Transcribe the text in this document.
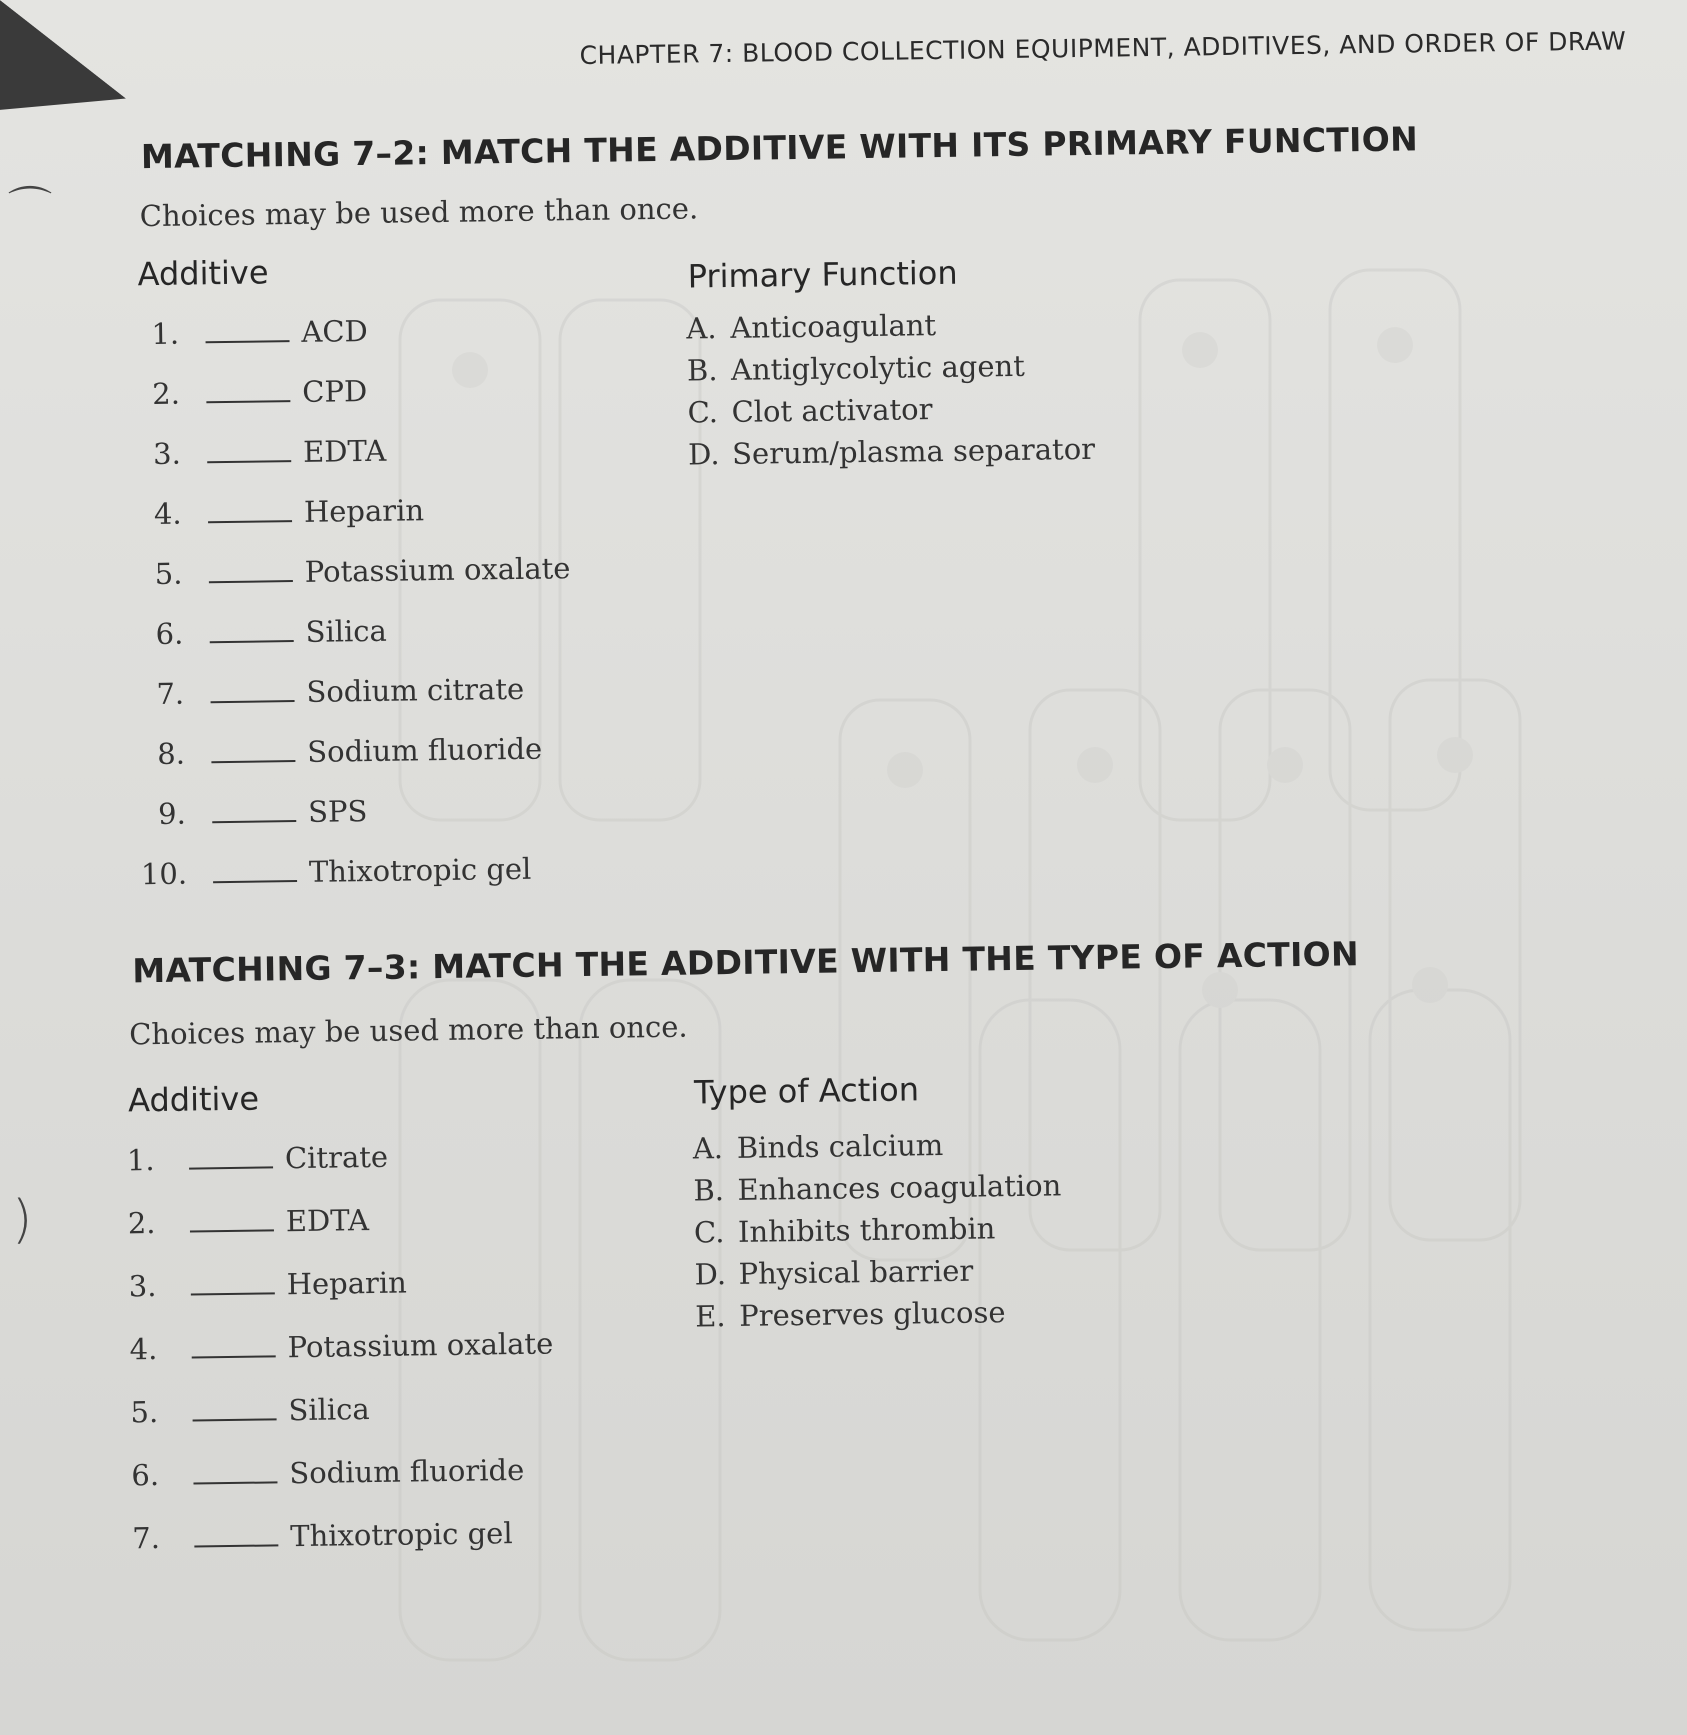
⌒
)
CHAPTER 7: BLOOD COLLECTION EQUIPMENT, ADDITIVES, AND ORDER OF DRAW
MATCHING 7–2: MATCH THE ADDITIVE WITH ITS PRIMARY FUNCTION
Choices may be used more than once.
Additive	Primary Function
1.	ACD
2.	CPD
3.	EDTA
4.	Heparin
5.	Potassium oxalate
6.	Silica
7.	Sodium citrate
8.	Sodium fluoride
9.	SPS
10.	Thixotropic gel
A. Anticoagulant
B. Antiglycolytic agent
C. Clot activator
D. Serum/plasma separator
MATCHING 7–3: MATCH THE ADDITIVE WITH THE TYPE OF ACTION
Choices may be used more than once.
Additive	Type of Action
1.	Citrate
2.	EDTA
3.	Heparin
4.	Potassium oxalate
5.	Silica
6.	Sodium fluoride
7.	Thixotropic gel
A. Binds calcium
B. Enhances coagulation
C. Inhibits thrombin
D. Physical barrier
E. Preserves glucose
